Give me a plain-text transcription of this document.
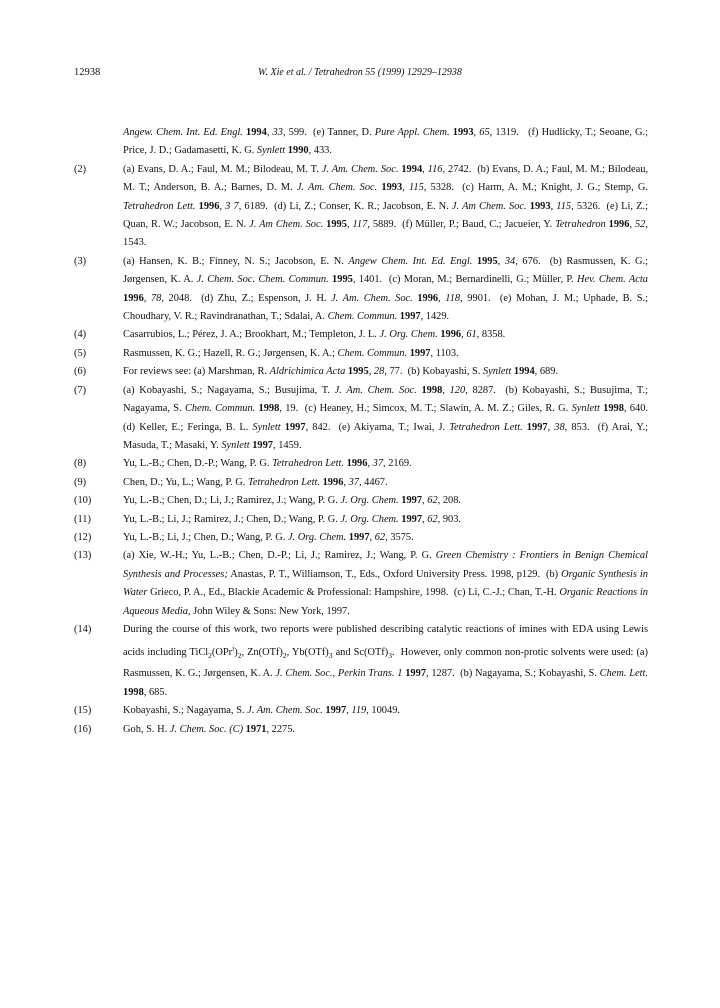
12938	W. Xie et al. / Tetrahedron 55 (1999) 12929–12938
Angew. Chem. Int. Ed. Engl. 1994, 33, 599.  (e) Tanner, D. Pure Appl. Chem. 1993, 65, 1319.   (f) Hudlicky, T.; Seoane, G.; Price, J. D.; Gadamasetti, K. G. Synlett 1990, 433.
(2)	(a) Evans, D. A.; Faul, M. M.; Bilodeau, M. T. J. Am. Chem. Soc. 1994, 116, 2742.  (b) Evans, D. A.; Faul, M. M.; Bilodeau, M. T.; Anderson, B. A.; Barnes, D. M. J. Am. Chem. Soc. 1993, 115, 5328.  (c) Harm, A. M.; Knight, J. G.; Stemp, G. Tetrahedron Lett. 1996, 3 7, 6189.  (d) Li, Z.; Conser, K. R.; Jacobson, E. N. J. Am Chem. Soc. 1993, 115, 5326.  (e) Li, Z.; Quan, R. W.; Jacobson, E. N. J. Am Chem. Soc. 1995, 117, 5889.  (f) Müller, P.; Baud, C.; Jacueier, Y. Tetrahedron 1996, 52, 1543.
(3)	(a) Hansen, K. B.; Finney, N. S.; Jacobson, E. N. Angew Chem. Int. Ed. Engl. 1995, 34, 676.  (b) Rasmussen, K. G.; Jørgensen, K. A. J. Chem. Soc. Chem. Commun. 1995, 1401.  (c) Moran, M.; Bernardinelli, G.; Müller, P. Hev. Chem. Acta 1996, 78, 2048.  (d) Zhu, Z.; Espenson, J. H. J. Am. Chem. Soc. 1996, 118, 9901.  (e) Mohan, J. M.; Uphade, B. S.; Choudhary, V. R.; Ravindranathan, T.; Sdalai, A. Chem. Commun. 1997, 1429.
(4)	Casarrubios, L.; Pérez, J. A.; Brookhart, M.; Templeton, J. L. J. Org. Chem. 1996, 61, 8358.
(5)	Rasmussen, K. G.; Hazell, R. G.; Jørgensen, K. A.; Chem. Commun. 1997, 1103.
(6)	For reviews see: (a) Marshman, R. Aldrichimica Acta 1995, 28, 77.  (b) Kobayashi, S. Synlett 1994, 689.
(7)	(a) Kobayashi, S.; Nagayama, S.; Busujima, T. J. Am. Chem. Soc. 1998, 120, 8287.  (b) Kobayashi, S.; Busujima, T.; Nagayama, S. Chem. Commun. 1998, 19.  (c) Heaney, H.; Simcox, M. T.; Slawin, A. M. Z.; Giles, R. G. Synlett 1998, 640.  (d) Keller, E.; Feringa, B. L. Synlett 1997, 842.  (e) Akiyama, T.; Iwai, J. Tetrahedron Lett. 1997, 38, 853.  (f) Arai, Y.; Masuda, T.; Masaki, Y. Synlett 1997, 1459.
(8)	Yu, L.-B.; Chen, D.-P.; Wang, P. G. Tetrahedron Lett. 1996, 37, 2169.
(9)	Chen, D.; Yu, L.; Wang, P. G. Tetrahedron Lett. 1996, 37, 4467.
(10)	Yu, L.-B.; Chen, D.; Li, J.; Ramirez, J.; Wang, P. G. J. Org. Chem. 1997, 62, 208.
(11)	Yu, L.-B.; Li, J.; Ramirez, J.; Chen, D.; Wang, P. G. J. Org. Chem. 1997, 62, 903.
(12)	Yu, L.-B.; Li, J.; Chen, D.; Wang, P. G. J. Org. Chem. 1997, 62, 3575.
(13)	(a) Xie, W.-H.; Yu, L.-B.; Chen, D.-P.; Li, J.; Ramirez, J.; Wang, P. G. Green Chemistry : Frontiers in Benign Chemical Synthesis and Processes; Anastas, P. T., Williamson, T., Eds., Oxford University Press. 1998, p129.  (b) Organic Synthesis in Water Grieco, P. A., Ed., Blackie Academic & Professional: Hampshire, 1998.  (c) Li, C.-J.; Chan, T.-H. Organic Reactions in Aqueous Media, John Wiley & Sons: New York, 1997.
(14)	During the course of this work, two reports were published describing catalytic reactions of imines with EDA using Lewis acids including $TiCl_2(OPr^i)_2$, $Zn(OTf)_2$, $Yb(OTf)_3$ and $Sc(OTf)_3$.  However, only common non-protic solvents were used: (a) Rasmussen, K. G.; Jørgensen, K. A. J. Chem. Soc., Perkin Trans. 1 1997, 1287.  (b) Nagayama, S.; Kobayashi, S. Chem. Lett. 1998, 685.
(15)	Kobayashi, S.; Nagayama, S. J. Am. Chem. Soc. 1997, 119, 10049.
(16)	Goh, S. H. J. Chem. Soc. (C) 1971, 2275.
